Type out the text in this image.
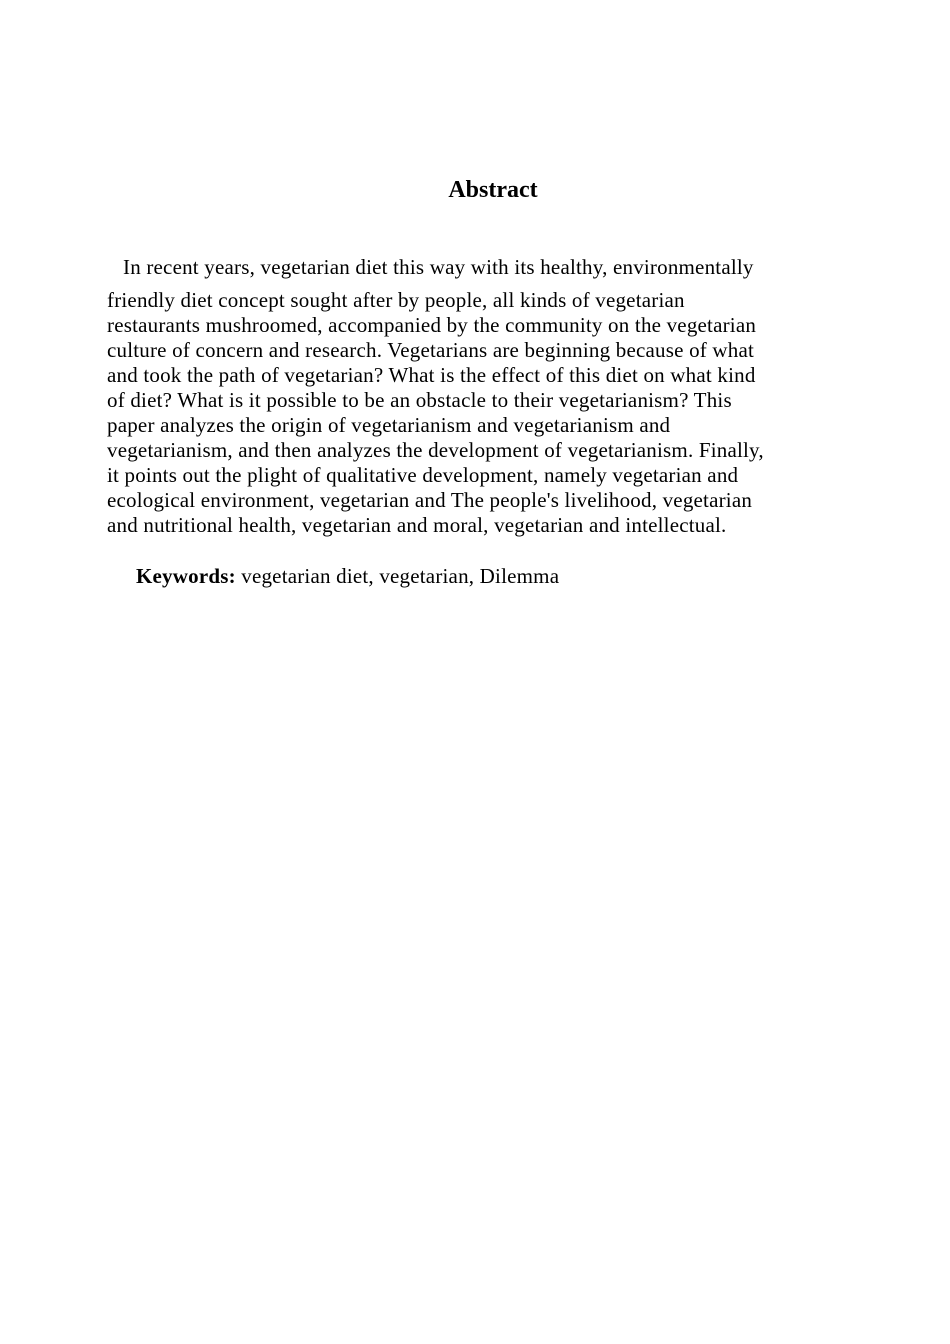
Abstract

In recent years, vegetarian diet this way with its healthy, environmentally

friendly diet concept sought after by people, all kinds of vegetarian
restaurants mushroomed, accompanied by the community on the vegetarian
culture of concern and research. Vegetarians are beginning because of what
and took the path of vegetarian? What is the effect of this diet on what kind
of diet? What is it possible to be an obstacle to their vegetarianism? This
paper analyzes the origin of vegetarianism and vegetarianism and
vegetarianism, and then analyzes the development of vegetarianism. Finally,
it points out the plight of qualitative development, namely vegetarian and
ecological environment, vegetarian and The people's livelihood, vegetarian
and nutritional health, vegetarian and moral, vegetarian and intellectual.

Keywords: vegetarian diet, vegetarian, Dilemma
